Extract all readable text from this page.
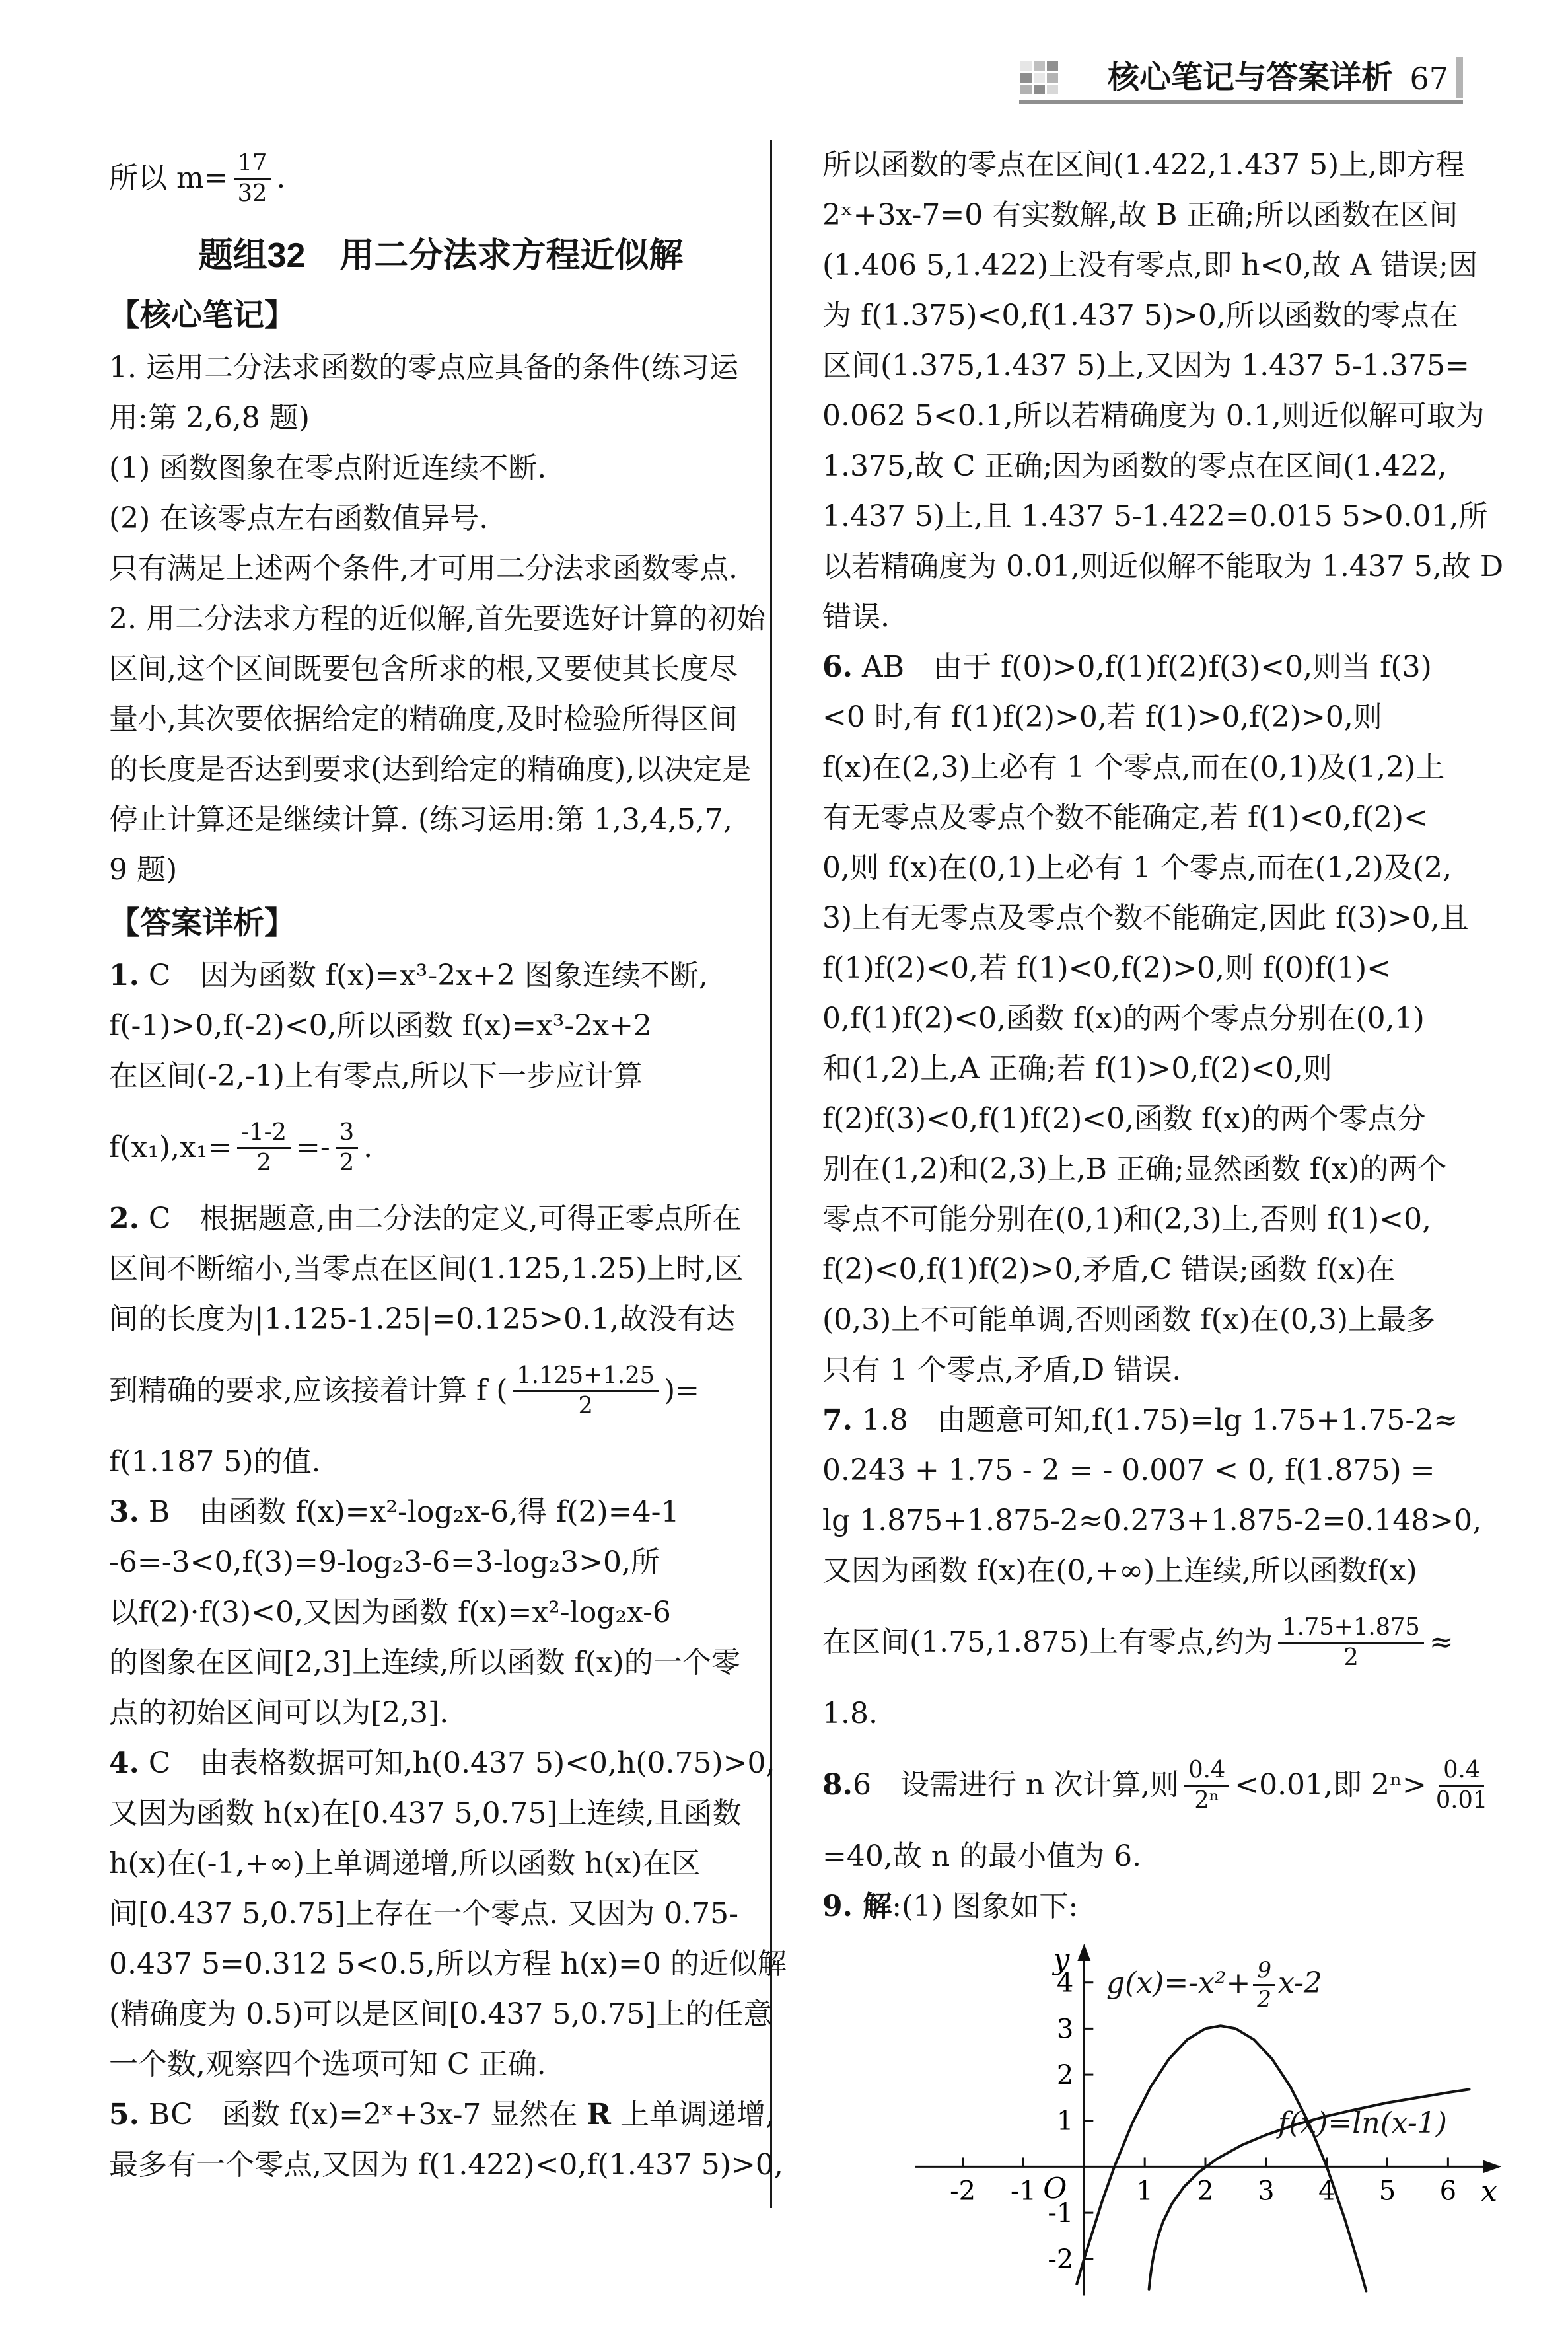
核心笔记与答案详析 67
所以 $m= \frac{17}{32}$ .
题组32　用二分法求方程近似解
【核心笔记】
1. 运用二分法求函数的零点应具备的条件(练习运
用:第 2,6,8 题)
(1) 函数图象在零点附近连续不断.
(2) 在该零点左右函数值异号.
只有满足上述两个条件,才可用二分法求函数零点.
2. 用二分法求方程的近似解,首先要选好计算的初始
区间,这个区间既要包含所求的根,又要使其长度尽
量小,其次要依据给定的精确度,及时检验所得区间
的长度是否达到要求(达到给定的精确度),以决定是
停止计算还是继续计算. (练习运用:第 1,3,4,5,7,
9 题)
【答案详析】
1. C　因为函数 f(x)=x³-2x+2 图象连续不断,
f(-1)>0,f(-2)<0,所以函数 f(x)=x³-2x+2
在区间(-2,-1)上有零点,所以下一步应计算
$f(x_1),x_1= \frac{-1-2}{2} =- \frac{3}{2}$ .
2. C　根据题意,由二分法的定义,可得正零点所在
区间不断缩小,当零点在区间(1.125,1.25)上时,区
间的长度为|1.125-1.25|=0.125>0.1,故没有达
到精确的要求,应该接着计算 f ( $\frac{1.125+1.25}{2}$ )=
f(1.187 5)的值.
3. B　由函数 f(x)=x²-log₂x-6,得 f(2)=4-1
-6=-3<0,f(3)=9-log₂3-6=3-log₂3>0,所
以f(2)·f(3)<0,又因为函数 f(x)=x²-log₂x-6
的图象在区间[2,3]上连续,所以函数 f(x)的一个零
点的初始区间可以为[2,3].
4. C　由表格数据可知,h(0.437 5)<0,h(0.75)>0,
又因为函数 h(x)在[0.437 5,0.75]上连续,且函数
h(x)在(-1,+∞)上单调递增,所以函数 h(x)在区
间[0.437 5,0.75]上存在一个零点. 又因为 0.75-
0.437 5=0.312 5<0.5,所以方程 h(x)=0 的近似解
(精确度为 0.5)可以是区间[0.437 5,0.75]上的任意
一个数,观察四个选项可知 C 正确.
5. BC　函数 f(x)=2ˣ+3x-7 显然在 R 上单调递增,
最多有一个零点,又因为 f(1.422)<0,f(1.437 5)>0,
所以函数的零点在区间(1.422,1.437 5)上,即方程
2ˣ+3x-7=0 有实数解,故 B 正确;所以函数在区间
(1.406 5,1.422)上没有零点,即 h<0,故 A 错误;因
为 f(1.375)<0,f(1.437 5)>0,所以函数的零点在
区间(1.375,1.437 5)上,又因为 1.437 5-1.375=
0.062 5<0.1,所以若精确度为 0.1,则近似解可取为
1.375,故 C 正确;因为函数的零点在区间(1.422,
1.437 5)上,且 1.437 5-1.422=0.015 5>0.01,所
以若精确度为 0.01,则近似解不能取为 1.437 5,故 D
错误.
6. AB　由于 f(0)>0,f(1)f(2)f(3)<0,则当 f(3)
<0 时,有 f(1)f(2)>0,若 f(1)>0,f(2)>0,则
f(x)在(2,3)上必有 1 个零点,而在(0,1)及(1,2)上
有无零点及零点个数不能确定,若 f(1)<0,f(2)<
0,则 f(x)在(0,1)上必有 1 个零点,而在(1,2)及(2,
3)上有无零点及零点个数不能确定,因此 f(3)>0,且
f(1)f(2)<0,若 f(1)<0,f(2)>0,则 f(0)f(1)<
0,f(1)f(2)<0,函数 f(x)的两个零点分别在(0,1)
和(1,2)上,A 正确;若 f(1)>0,f(2)<0,则
f(2)f(3)<0,f(1)f(2)<0,函数 f(x)的两个零点分
别在(1,2)和(2,3)上,B 正确;显然函数 f(x)的两个
零点不可能分别在(0,1)和(2,3)上,否则 f(1)<0,
f(2)<0,f(1)f(2)>0,矛盾,C 错误;函数 f(x)在
(0,3)上不可能单调,否则函数 f(x)在(0,3)上最多
只有 1 个零点,矛盾,D 错误.
7. 1.8　由题意可知,f(1.75)=lg 1.75+1.75-2≈
0.243 + 1.75 - 2 = - 0.007 < 0, f(1.875) =
lg 1.875+1.875-2≈0.273+1.875-2=0.148>0,
又因为函数 f(x)在(0,+∞)上连续,所以函数f(x)
在区间(1.75,1.875)上有零点,约为 $\frac{1.75+1.875}{2}$ ≈
1.8.
8. 6　设需进行 n 次计算,则 $\frac{0.4}{\text{2ⁿ}} <0.01$,即 $2^n> \frac{0.4}{0.01}$
=40,故 n 的最小值为 6.
9. 解:(1) 图象如下:
-2 -1	1 2 3 4 5 6
-2
-1
1
2
3
4
O	x
y
$g(x)=-x^2+ \frac{9}{2} x-2$
f(x)=ln(x-1)
